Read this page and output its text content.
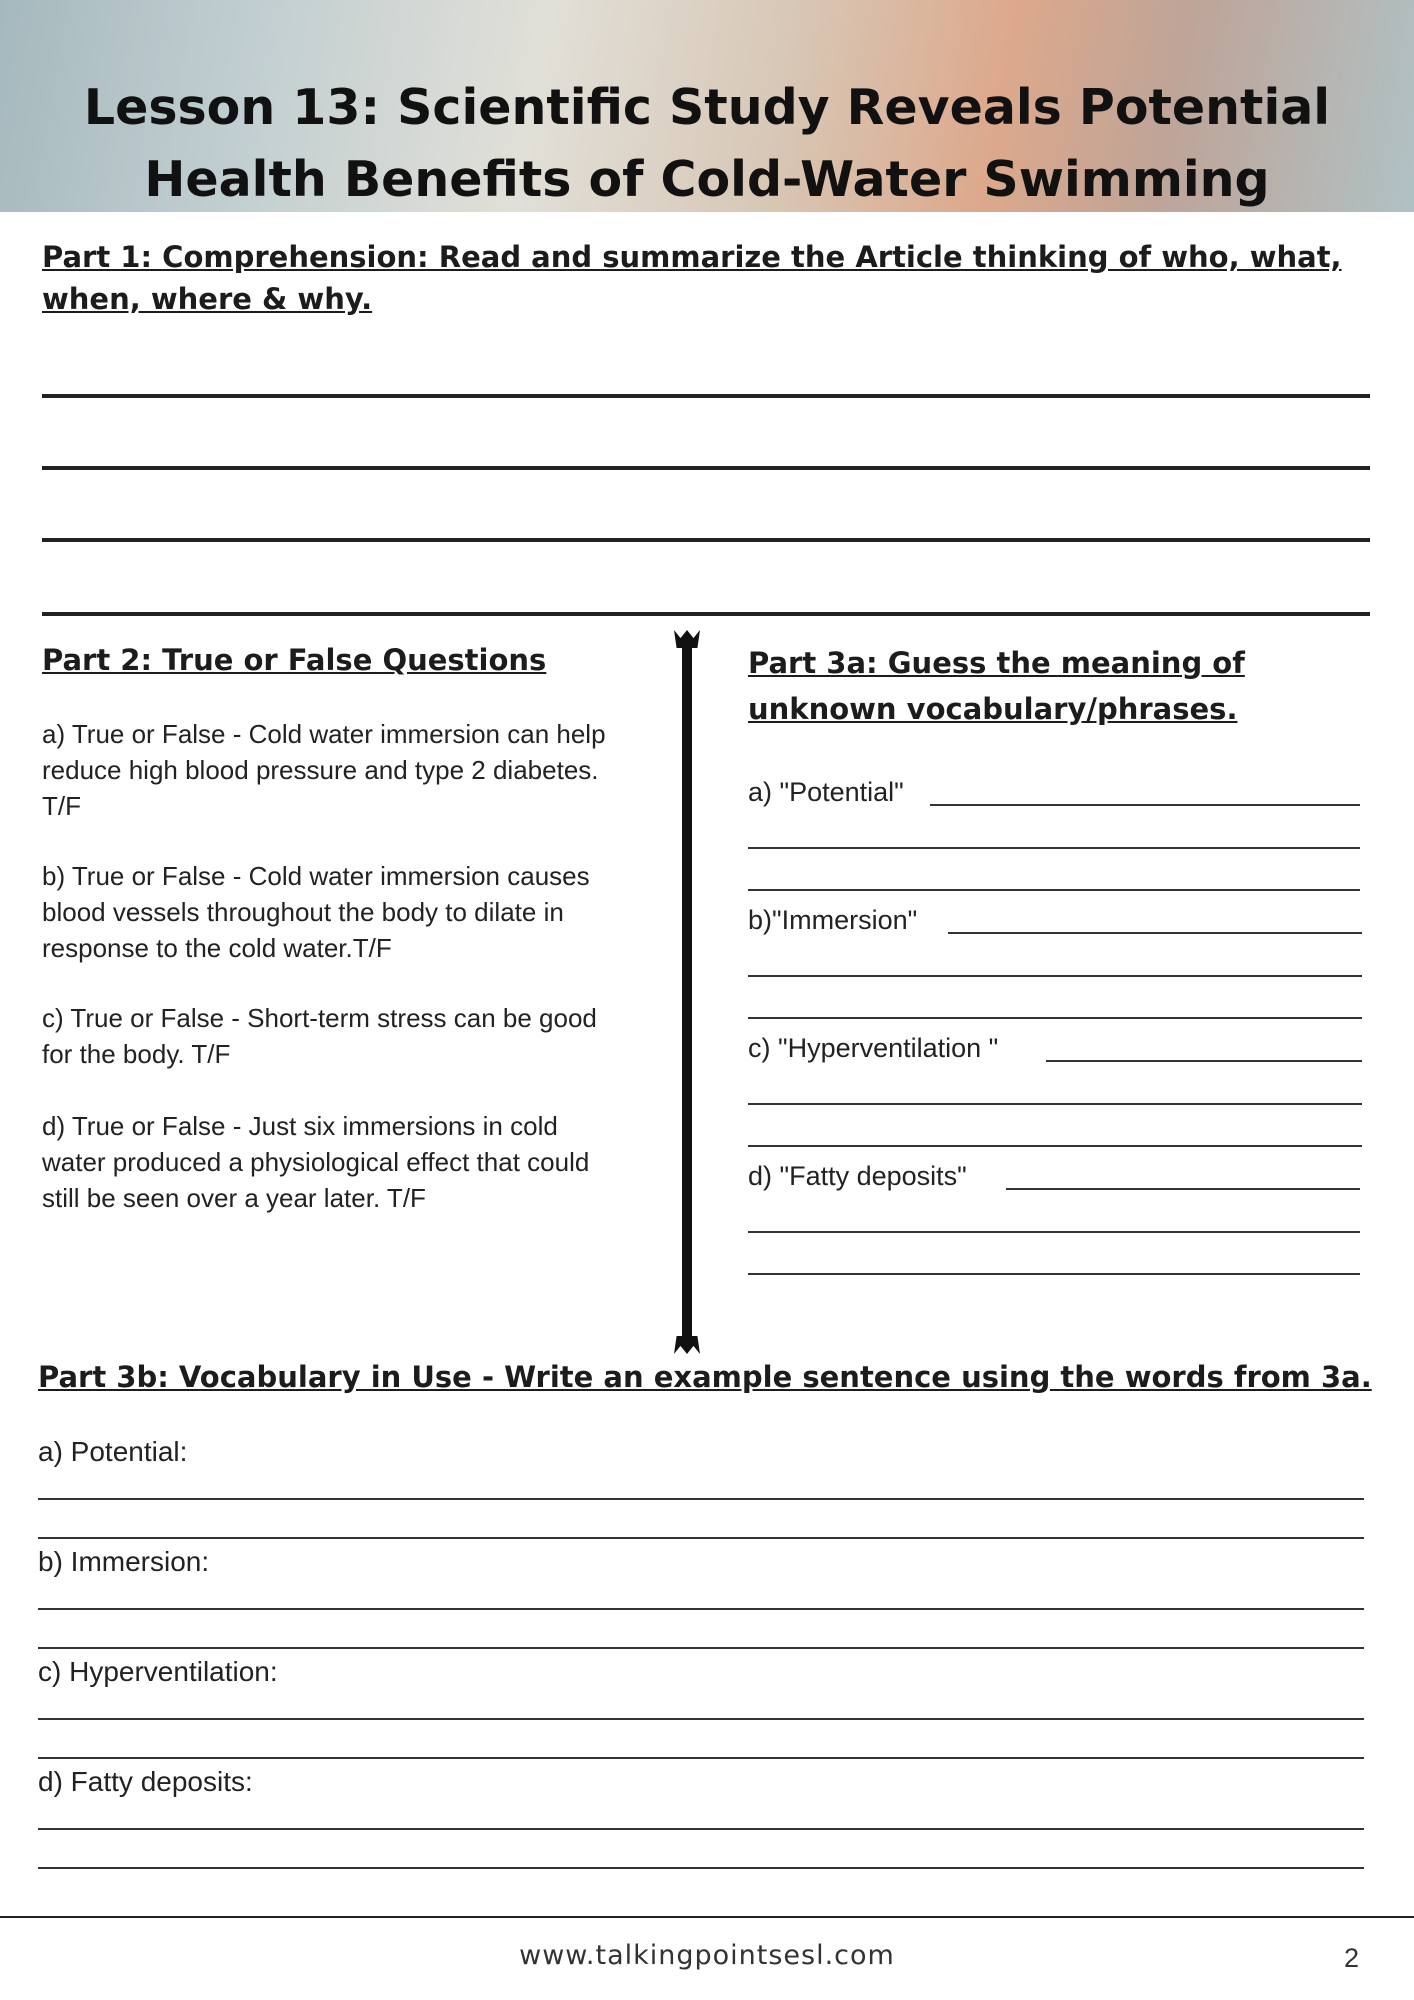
Lesson 13: Scientific Study Reveals Potential Health Benefits of Cold-Water Swimming
Part 1: Comprehension: Read and summarize the Article thinking of who, what, when, where & why.
Part 2: True or False Questions
a) True or False - Cold water immersion can help reduce high blood pressure and type 2 diabetes. T/F
b) True or False - Cold water immersion causes blood vessels throughout the body to dilate in response to the cold water.T/F
c) True or False - Short-term stress can be good for the body. T/F
d) True or False - Just six immersions in cold water produced a physiological effect that could still be seen over a year later. T/F
Part 3a: Guess the meaning of unknown vocabulary/phrases.
a) "Potential"
b)"Immersion"
c) "Hyperventilation "
d) "Fatty deposits"
Part 3b: Vocabulary in Use - Write an example sentence using the words from 3a.
a) Potential:
b) Immersion:
c) Hyperventilation:
d) Fatty deposits:
www.talkingpointsesl.com	2
